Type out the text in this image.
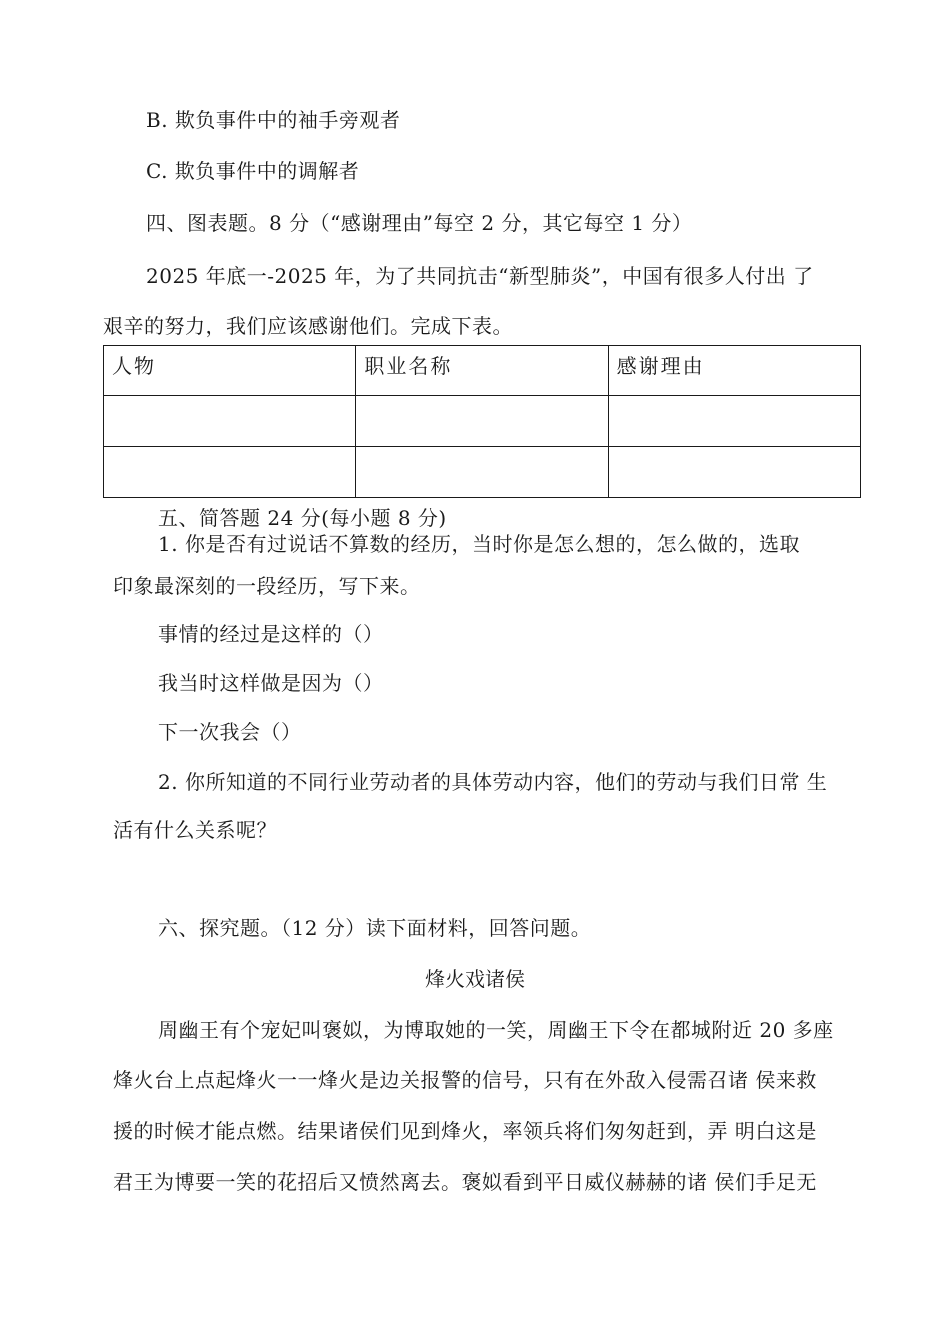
B. 欺负事件中的袖手旁观者
C. 欺负事件中的调解者
四、图表题。8 分（“感谢理由”每空 2 分，其它每空 1 分）
2025 年底一-2025 年，为了共同抗击“新型肺炎”，中国有很多人付出 了
艰辛的努力，我们应该感谢他们。完成下表。
人物	职业名称	感谢理由

五、简答题 24 分(每小题 8 分)
1. 你是否有过说话不算数的经历，当时你是怎么想的，怎么做的，选取
印象最深刻的一段经历，写下来。
事情的经过是这样的（）
我当时这样做是因为（）
下一次我会（）
2. 你所知道的不同行业劳动者的具体劳动内容，他们的劳动与我们日常 生
活有什么关系呢？
六、探究题。（12 分）读下面材料，回答问题。
烽火戏诸侯
周幽王有个宠妃叫褒姒，为博取她的一笑，周幽王下令在都城附近 20 多座
烽火台上点起烽火一一烽火是边关报警的信号，只有在外敌入侵需召诸 侯来救
援的时候才能点燃。结果诸侯们见到烽火，率领兵将们匆匆赶到，弄 明白这是
君王为博要一笑的花招后又愤然离去。褒姒看到平日威仪赫赫的诸 侯们手足无
